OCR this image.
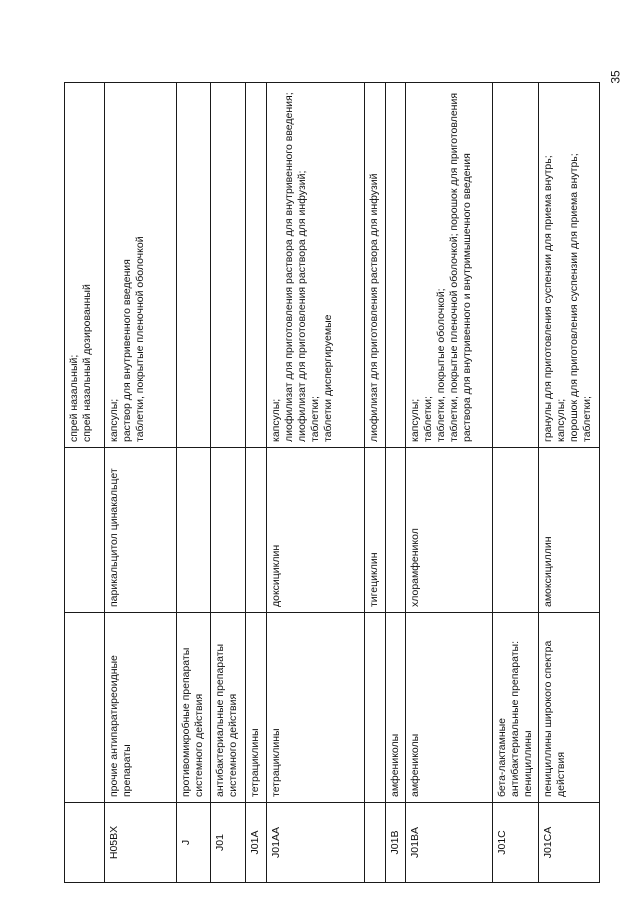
35

			спрей назальный; спрей назальный дозированный

H05BX	прочие антипаратиреоидные препараты	парикальцитол цинакальцет	капсулы; раствор для внутривенного введения таблетки, покрытые пленочной оболочкой

J	противомикробные препараты системного действия		
J01	антибактериальные препараты системного действия		
J01A	тетрациклины		
J01AA	тетрациклины	доксициклин	капсулы; лиофилизат для приготовления раствора для внутривенного введения; лиофилизат для приготовления раствора для инфузий; таблетки; таблетки диспергируемые

		тигециклин	лиофилизат для приготовления раствора для инфузий

J01B	амфениколы		
J01BA	амфениколы	хлорамфеникол	капсулы; таблетки; таблетки, покрытые оболочкой; таблетки, покрытые пленочной оболочкой; порошок для приготовления раствора для внутривенного и внутримышечного введения

J01C	бета-лактамные антибактериальные препараты: пенициллины		
J01CA	пенициллины широкого спектра действия	амоксициллин	гранулы для приготовления суспензии для приема внутрь; капсулы; порошок для приготовления суспензии для приема внутрь; таблетки;
